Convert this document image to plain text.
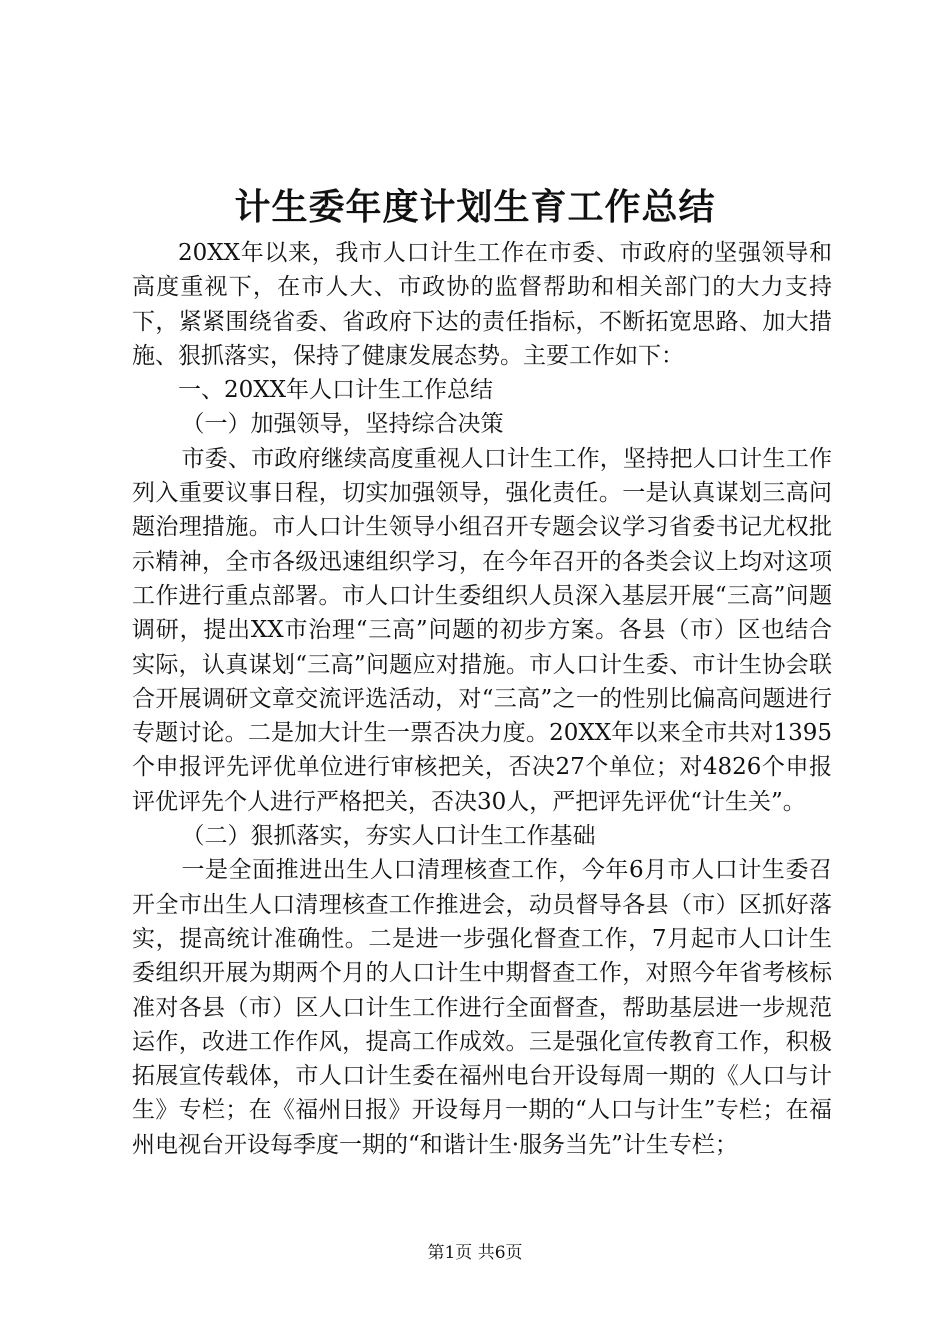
计生委年度计划生育工作总结

20XX年以来，我市人口计生工作在市委、市政府的坚强领导和高度重视下，在市人大、市政协的监督帮助和相关部门的大力支持下，紧紧围绕省委、省政府下达的责任指标，不断拓宽思路、加大措施、狠抓落实，保持了健康发展态势。主要工作如下：

一、20XX年人口计生工作总结

（一）加强领导，坚持综合决策

市委、市政府继续高度重视人口计生工作，坚持把人口计生工作列入重要议事日程，切实加强领导，强化责任。一是认真谋划三高问题治理措施。市人口计生领导小组召开专题会议学习省委书记尤权批示精神，全市各级迅速组织学习，在今年召开的各类会议上均对这项工作进行重点部署。市人口计生委组织人员深入基层开展“三高”问题调研，提出XX市治理“三高”问题的初步方案。各县（市）区也结合实际，认真谋划“三高”问题应对措施。市人口计生委、市计生协会联合开展调研文章交流评选活动，对“三高”之一的性别比偏高问题进行专题讨论。二是加大计生一票否决力度。20XX年以来全市共对1395个申报评先评优单位进行审核把关，否决27个单位；对4826个申报评优评先个人进行严格把关，否决30人，严把评先评优“计生关”。

（二）狠抓落实，夯实人口计生工作基础

一是全面推进出生人口清理核查工作，今年6月市人口计生委召开全市出生人口清理核查工作推进会，动员督导各县（市）区抓好落实，提高统计准确性。二是进一步强化督查工作，7月起市人口计生委组织开展为期两个月的人口计生中期督查工作，对照今年省考核标准对各县（市）区人口计生工作进行全面督查，帮助基层进一步规范运作，改进工作作风，提高工作成效。三是强化宣传教育工作，积极拓展宣传载体，市人口计生委在福州电台开设每周一期的《人口与计生》专栏；在《福州日报》开设每月一期的“人口与计生”专栏；在福州电视台开设每季度一期的“和谐计生·服务当先”计生专栏；

第1页 共6页
